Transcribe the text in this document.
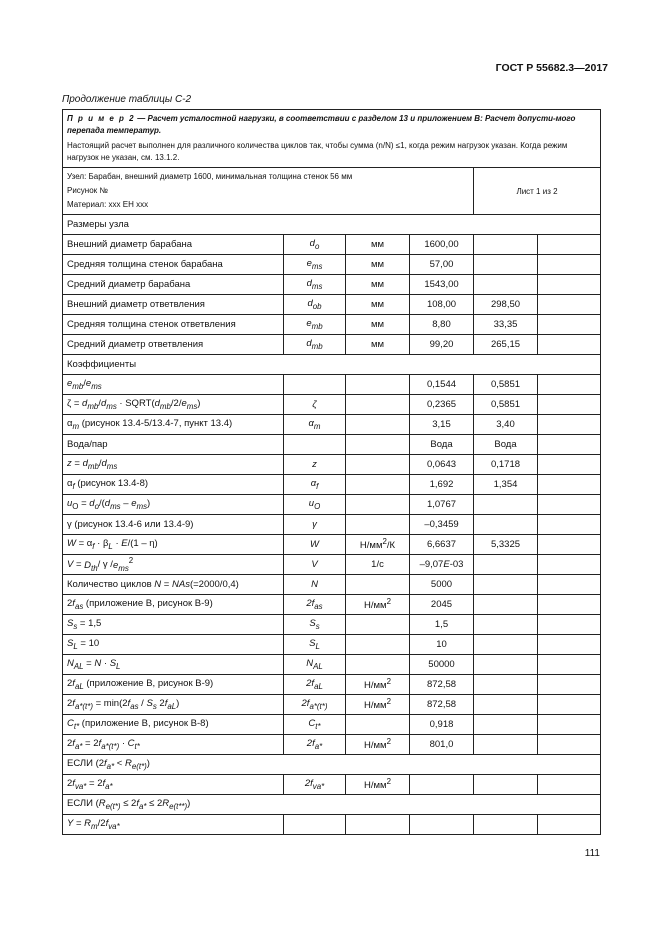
ГОСТ Р 55682.3—2017
Продолжение таблицы С-2
П р и м е р 2 — Расчет усталостной нагрузки, в соответствии с разделом 13 и приложением В: Расчет допусти-мого перепада температур.
Настоящий расчет выполнен для различного количества циклов так, чтобы сумма (n/N) ≤1, когда режим нагрузок указан. Когда режим нагрузок не указан, см. 13.1.2.					

Узел: Барабан, внешний диаметр 1600, минимальная толщина стенок 56 мм
Рисунок №
Материал: ххх ЕН ххх				Лист 1 из 2	
Размеры узла					
Внешний диаметр барабана	$d_o$	мм	1600,00		
Средняя толщина стенок барабана	$e_{ms}$	мм	57,00		
Средний диаметр барабана	$d_{ms}$	мм	1543,00		
Внешний диаметр ответвления	$d_{ob}$	мм	108,00	298,50	
Средняя толщина стенок ответвления	$e_{mb}$	мм	8,80	33,35	
Средний диаметр ответвления	$d_{mb}$	мм	99,20	265,15	
Коэффициенты					
$e_{mb}/e_{ms}$			0,1544	0,5851	
$\zeta = d_{mb}/d_{ms}$ · $SQRT(d_{mb}/2/e_{ms})$	ζ		0,2365	0,5851	
$\alpha_m$ (рисунок 13.4-5/13.4-7, пункт 13.4)	$\alpha_m$		3,15	3,40	
Вода/пар			Вода	Вода	
$z = d_{mb}/d_{ms}$	z		0,0643	0,1718	
$\alpha_f$ (рисунок 13.4-8)	$\alpha_f$		1,692	1,354	
$u_O = d_o/(d_{ms} - e_{ms})$	$u_O$		1,0767		
γ (рисунок 13.4-6 или 13.4-9)	γ		–0,3459		
$W = \alpha_f \cdot \beta_L \cdot E/(1 - \eta)$	W	$Н/мм^2/К$	6,6637	5,3325	
$V = D_{th}/$ γ $/e_{ms}^2$	V	1/с	–9,07E-03		
Количество циклов N = NAs(=2000/0,4)	N		5000		
$2f_{as}$ (приложение В, рисунок В-9)	$2f_{as}$	$Н/мм^2$	2045		
$S_s = 1,5$	$S_s$		1,5		
$S_L = 10$	$S_L$		10		
$N_{AL} = N \cdot S_L$	$N_{AL}$		50000		
$2f_{aL}$ (приложение В, рисунок В-9)	$2f_{aL}$	$Н/мм^2$	872,58		
$2f_{a*(t*)} = \min(2f_{as} / S_s$ $2f_{aL}$)	$2f_{a*(t*)}$	$Н/мм^2$	872,58		
$C_{t*}$ (приложение В, рисунок В-8)	$C_{t*}$		0,918		
$2f_{a*} = 2f_{a*(t*)} \cdot C_{t*}$	$2f_{a*}$	$Н/мм^2$	801,0		
ЕСЛИ $(2f_{a*} < R_{e(t*)})$					
$2f_{va*} = 2f_{a*}$	$2f_{va*}$	$Н/мм^2$			
ЕСЛИ $(R_{e(t*)} \le 2f_{a*} \le 2R_{e(t**)})$					
$Y = R_m/2f_{va*}$					
111
